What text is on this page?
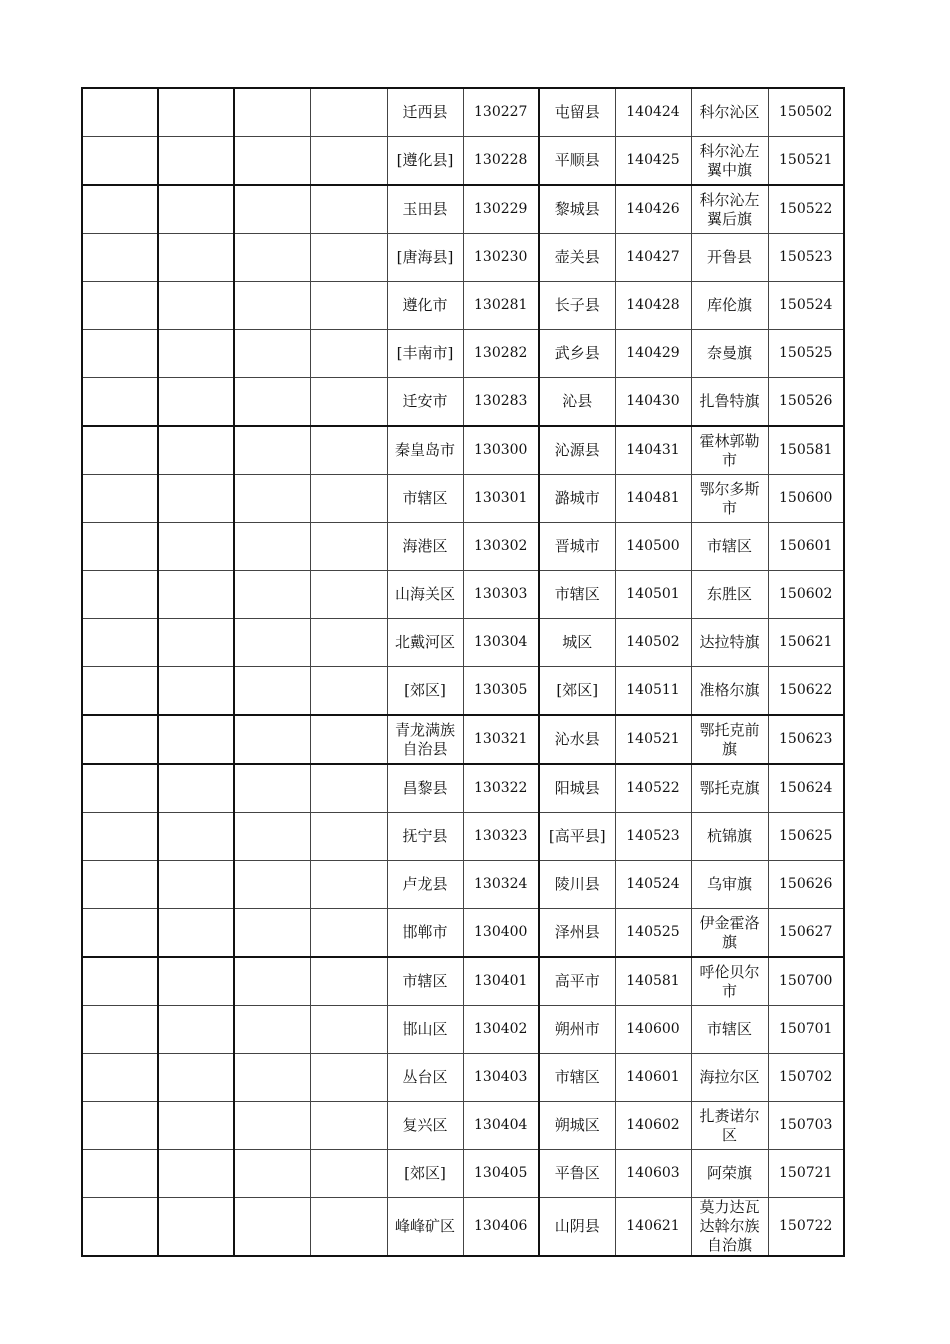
				迁西县	130227	屯留县	140424	科尔沁区	150502
				[遵化县]	130228	平顺县	140425	科尔沁左翼中旗	150521
				玉田县	130229	黎城县	140426	科尔沁左翼后旗	150522
				[唐海县]	130230	壶关县	140427	开鲁县	150523
				遵化市	130281	长子县	140428	库伦旗	150524
				[丰南市]	130282	武乡县	140429	奈曼旗	150525
				迁安市	130283	沁县	140430	扎鲁特旗	150526
				秦皇岛市	130300	沁源县	140431	霍林郭勒市	150581
				市辖区	130301	潞城市	140481	鄂尔多斯市	150600
				海港区	130302	晋城市	140500	市辖区	150601
				山海关区	130303	市辖区	140501	东胜区	150602
				北戴河区	130304	城区	140502	达拉特旗	150621
				[郊区]	130305	[郊区]	140511	准格尔旗	150622
				青龙满族自治县	130321	沁水县	140521	鄂托克前旗	150623
				昌黎县	130322	阳城县	140522	鄂托克旗	150624
				抚宁县	130323	[高平县]	140523	杭锦旗	150625
				卢龙县	130324	陵川县	140524	乌审旗	150626
				邯郸市	130400	泽州县	140525	伊金霍洛旗	150627
				市辖区	130401	高平市	140581	呼伦贝尔市	150700
				邯山区	130402	朔州市	140600	市辖区	150701
				丛台区	130403	市辖区	140601	海拉尔区	150702
				复兴区	130404	朔城区	140602	扎赉诺尔区	150703
				[郊区]	130405	平鲁区	140603	阿荣旗	150721
				峰峰矿区	130406	山阴县	140621	莫力达瓦达斡尔族自治旗	150722
